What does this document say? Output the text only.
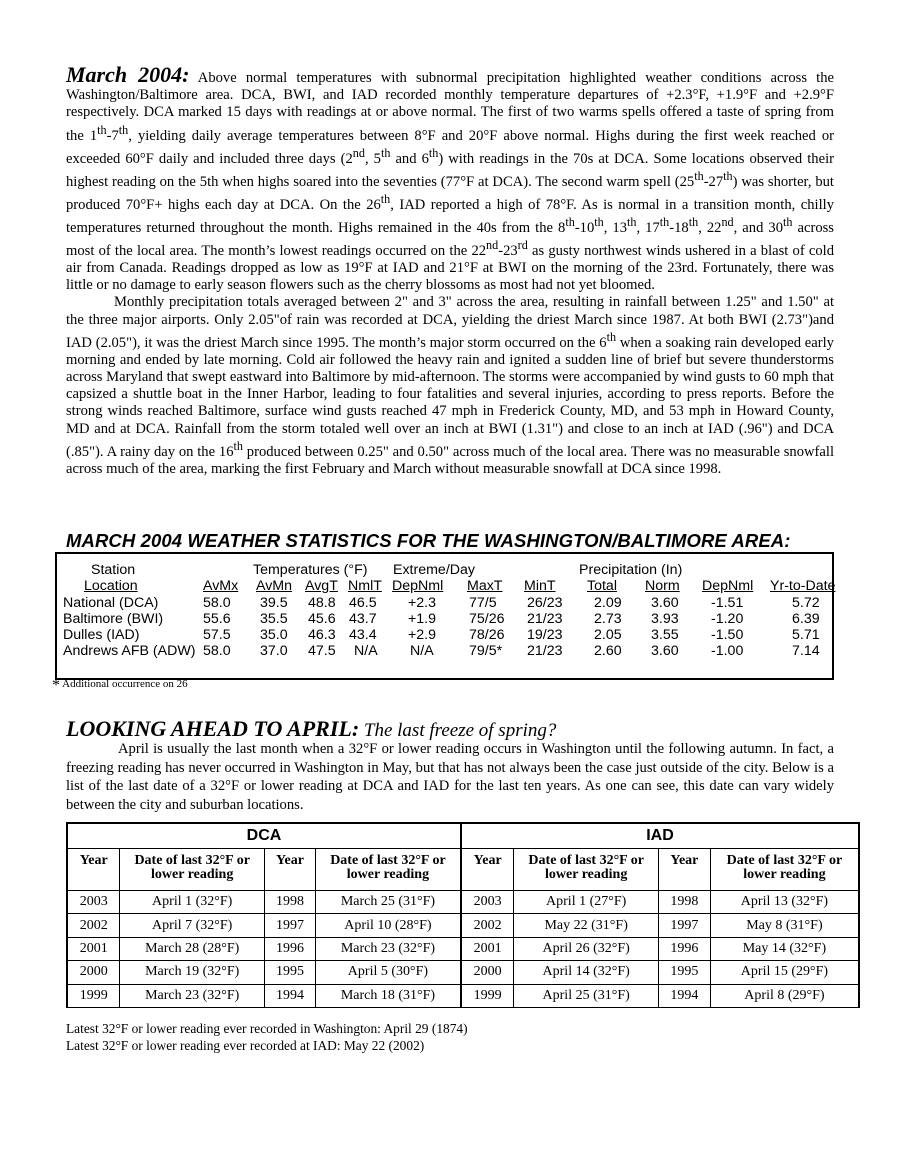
March 2004: Above normal temperatures with subnormal precipitation highlighted weather conditions across the Washington/Baltimore area. DCA, BWI, and IAD recorded monthly temperature departures of +2.3°F, +1.9°F and +2.9°F respectively. DCA marked 15 days with readings at or above normal. The first of two warms spells offered a taste of spring from the 1th-7th, yielding daily average temperatures between 8°F and 20°F above normal. Highs during the first week reached or exceeded 60°F daily and included three days (2nd, 5th and 6th) with readings in the 70s at DCA. Some locations observed their highest reading on the 5th when highs soared into the seventies (77°F at DCA). The second warm spell (25th-27th) was shorter, but produced 70°F+ highs each day at DCA. On the 26th, IAD reported a high of 78°F. As is normal in a transition month, chilly temperatures returned throughout the month. Highs remained in the 40s from the 8th-10th, 13th, 17th-18th, 22nd, and 30th across most of the local area. The month’s lowest readings occurred on the 22nd-23rd as gusty northwest winds ushered in a blast of cold air from Canada. Readings dropped as low as 19°F at IAD and 21°F at BWI on the morning of the 23rd. Fortunately, there was little or no damage to early season flowers such as the cherry blossoms as most had not yet bloomed.

Monthly precipitation totals averaged between 2" and 3" across the area, resulting in rainfall between 1.25" and 1.50" at the three major airports. Only 2.05"of rain was recorded at DCA, yielding the driest March since 1987. At both BWI (2.73")and IAD (2.05"), it was the driest March since 1995. The month’s major storm occurred on the 6th when a soaking rain developed early morning and ended by late morning. Cold air followed the heavy rain and ignited a sudden line of brief but severe thunderstorms across Maryland that swept eastward into Baltimore by mid-afternoon. The storms were accompanied by wind gusts to 60 mph that capsized a shuttle boat in the Inner Harbor, leading to four fatalities and several injuries, according to press reports. Before the strong winds reached Baltimore, surface wind gusts reached 47 mph in Frederick County, MD, and 53 mph in Howard County, MD and at DCA. Rainfall from the storm totaled well over an inch at BWI (1.31") and close to an inch at IAD (.96") and DCA (.85"). A rainy day on the 16th produced between 0.25" and 0.50" across much of the local area. There was no measurable snowfall across much of the area, marking the first February and March without measurable snowfall at DCA since 1998.

MARCH 2004 WEATHER STATISTICS FOR THE WASHINGTON/BALTIMORE AREA:
Station	Temperatures (°F) Extreme/Day	Precipitation (In)
Location	AvMx AvMn AvgT NmlT DepNml MaxT MinT Total Norm DepNml Yr-to-Date
National (DCA)	58.0 39.5 48.8 46.5 +2.3 77/5 26/23 2.09 3.60 -1.51	5.72
Baltimore (BWI)	55.6 35.5 45.6 43.7 +1.9 75/26 21/23 2.73 3.93 -1.20	6.39
Dulles (IAD)	57.5 35.0 46.3 43.4 +2.9 78/26 19/23 2.05 3.55 -1.50	5.71
Andrews AFB (ADW) 58.0 37.0 47.5 N/A N/A 79/5* 21/23 2.60 3.60 -1.00	7.14
* Additional occurrence on 26
LOOKING AHEAD TO APRIL: The last freeze of spring?

April is usually the last month when a 32°F or lower reading occurs in Washington until the following autumn. In fact, a freezing reading has never occurred in Washington in May, but that has not always been the case just outside of the city. Below is a list of the last date of a 32°F or lower reading at DCA and IAD for the last ten years. As one can see, this date can vary widely between the city and suburban locations.

DCA				IAD			
Year	Date of last 32°F or lower reading	Year	Date of last 32°F or lower reading	Year	Date of last 32°F or lower reading	Year	Date of last 32°F or lower reading
2003	April 1 (32°F)	1998	March 25 (31°F)	2003	April 1 (27°F)	1998	April 13 (32°F)
2002	April 7 (32°F)	1997	April 10 (28°F)	2002	May 22 (31°F)	1997	May 8 (31°F)
2001	March 28 (28°F)	1996	March 23 (32°F)	2001	April 26 (32°F)	1996	May 14 (32°F)
2000	March 19 (32°F)	1995	April 5 (30°F)	2000	April 14 (32°F)	1995	April 15 (29°F)
1999	March 23 (32°F)	1994	March 18 (31°F)	1999	April 25 (31°F)	1994	April 8 (29°F)
Latest 32°F or lower reading ever recorded in Washington: April 29 (1874)
Latest 32°F or lower reading ever recorded at IAD: May 22 (2002)
